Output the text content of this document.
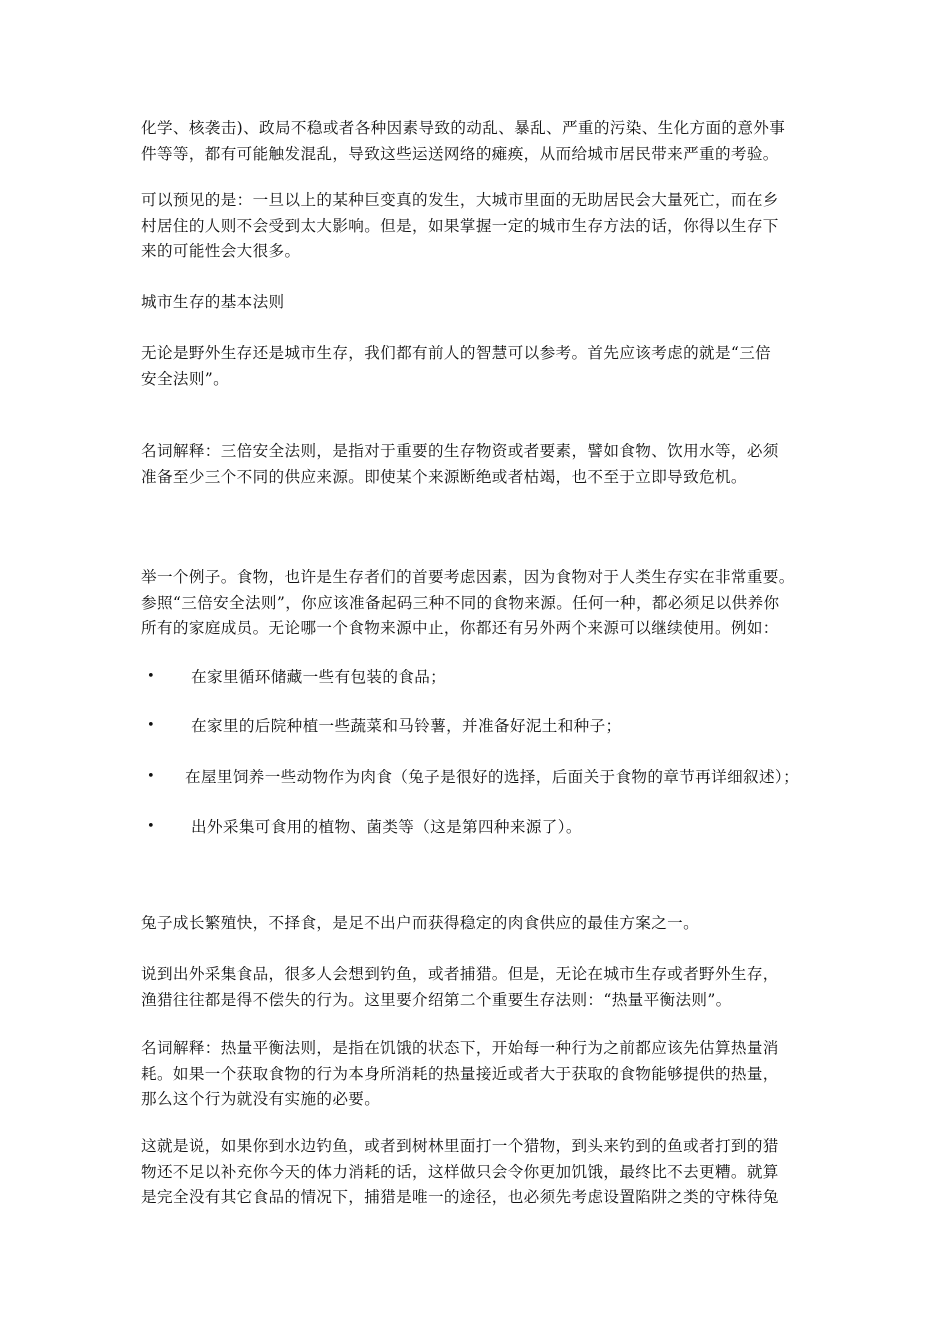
化学、核袭击)、政局不稳或者各种因素导致的动乱、暴乱、严重的污染、生化方面的意外事
件等等，都有可能触发混乱，导致这些运送网络的瘫痪，从而给城市居民带来严重的考验。

可以预见的是：一旦以上的某种巨变真的发生，大城市里面的无助居民会大量死亡，而在乡
村居住的人则不会受到太大影响。但是，如果掌握一定的城市生存方法的话，你得以生存下
来的可能性会大很多。

城市生存的基本法则

无论是野外生存还是城市生存，我们都有前人的智慧可以参考。首先应该考虑的就是“三倍
安全法则”。

名词解释：三倍安全法则，是指对于重要的生存物资或者要素，譬如食物、饮用水等，必须
准备至少三个不同的供应来源。即使某个来源断绝或者枯竭，也不至于立即导致危机。

举一个例子。食物，也许是生存者们的首要考虑因素，因为食物对于人类生存实在非常重要。
参照“三倍安全法则”，你应该准备起码三种不同的食物来源。任何一种，都必须足以供养你
所有的家庭成员。无论哪一个食物来源中止，你都还有另外两个来源可以继续使用。例如：

• 在家里循环储藏一些有包装的食品；
• 在家里的后院种植一些蔬菜和马铃薯，并准备好泥土和种子；
• 在屋里饲养一些动物作为肉食（兔子是很好的选择，后面关于食物的章节再详细叙述）；
• 出外采集可食用的植物、菌类等（这是第四种来源了）。

兔子成长繁殖快，不择食，是足不出户而获得稳定的肉食供应的最佳方案之一。

说到出外采集食品，很多人会想到钓鱼，或者捕猎。但是，无论在城市生存或者野外生存，
渔猎往往都是得不偿失的行为。这里要介绍第二个重要生存法则：“热量平衡法则”。

名词解释：热量平衡法则，是指在饥饿的状态下，开始每一种行为之前都应该先估算热量消
耗。如果一个获取食物的行为本身所消耗的热量接近或者大于获取的食物能够提供的热量，
那么这个行为就没有实施的必要。

这就是说，如果你到水边钓鱼，或者到树林里面打一个猎物，到头来钓到的鱼或者打到的猎
物还不足以补充你今天的体力消耗的话，这样做只会令你更加饥饿，最终比不去更糟。就算
是完全没有其它食品的情况下，捕猎是唯一的途径，也必须先考虑设置陷阱之类的守株待兔
